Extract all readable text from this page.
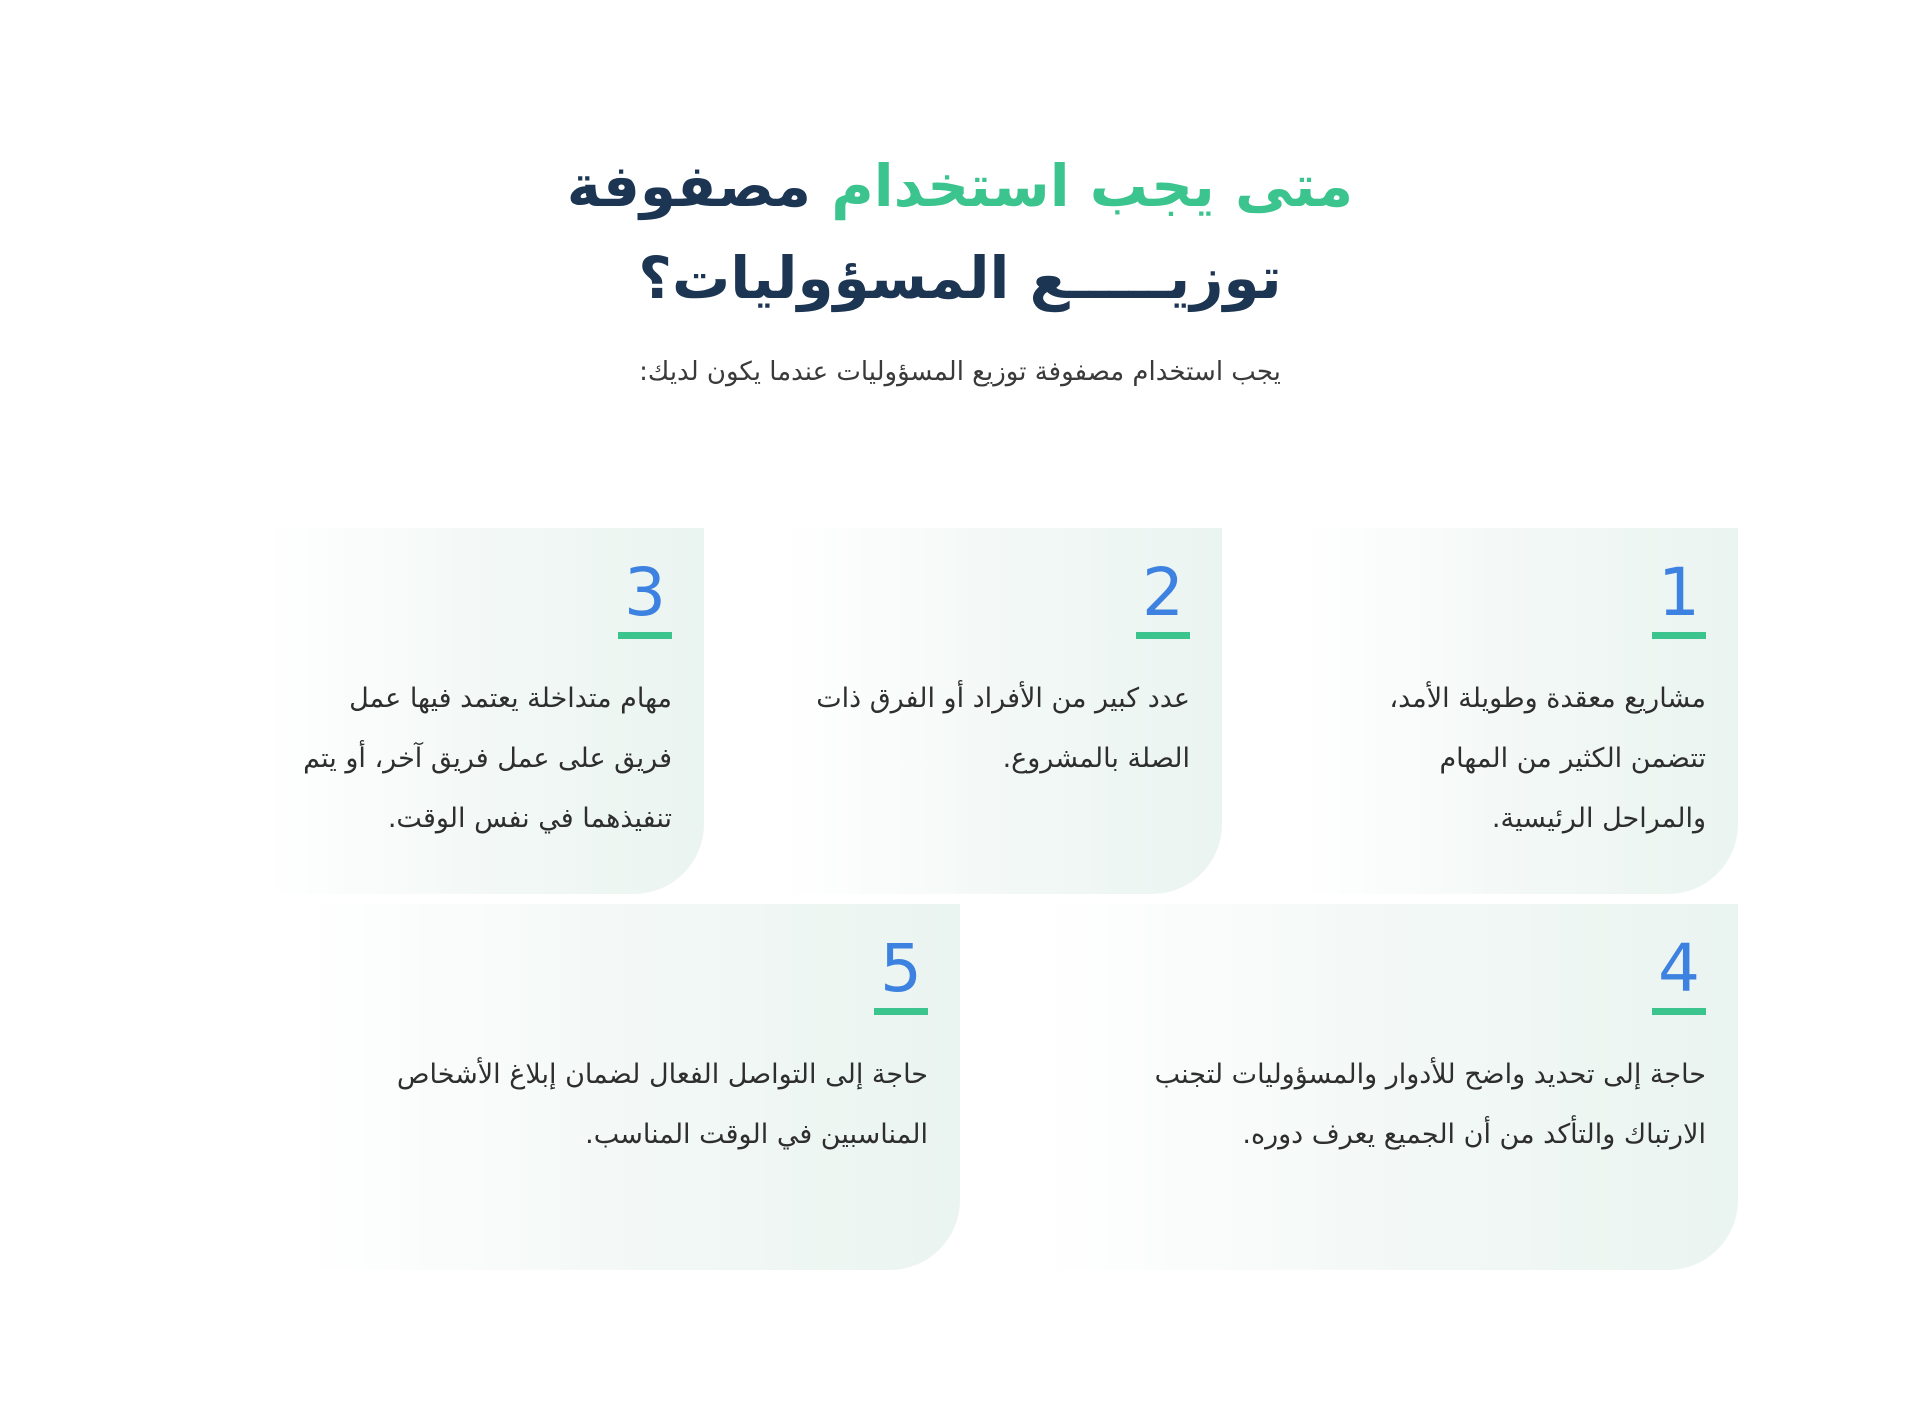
متى يجب استخدام مصفوفة
توزيـــــع المسؤوليات؟
يجب استخدام مصفوفة توزيع المسؤوليات عندما يكون لديك:
1
مشاريع معقدة وطويلة الأمد، تتضمن الكثير من المهام والمراحل الرئيسية.
2
عدد كبير من الأفراد أو الفرق ذات الصلة بالمشروع.
3
مهام متداخلة يعتمد فيها عمل فريق على عمل فريق آخر، أو يتم تنفيذهما في نفس الوقت.
4
حاجة إلى تحديد واضح للأدوار والمسؤوليات لتجنب الارتباك والتأكد من أن الجميع يعرف دوره.
5
حاجة إلى التواصل الفعال لضمان إبلاغ الأشخاص المناسبين في الوقت المناسب.
